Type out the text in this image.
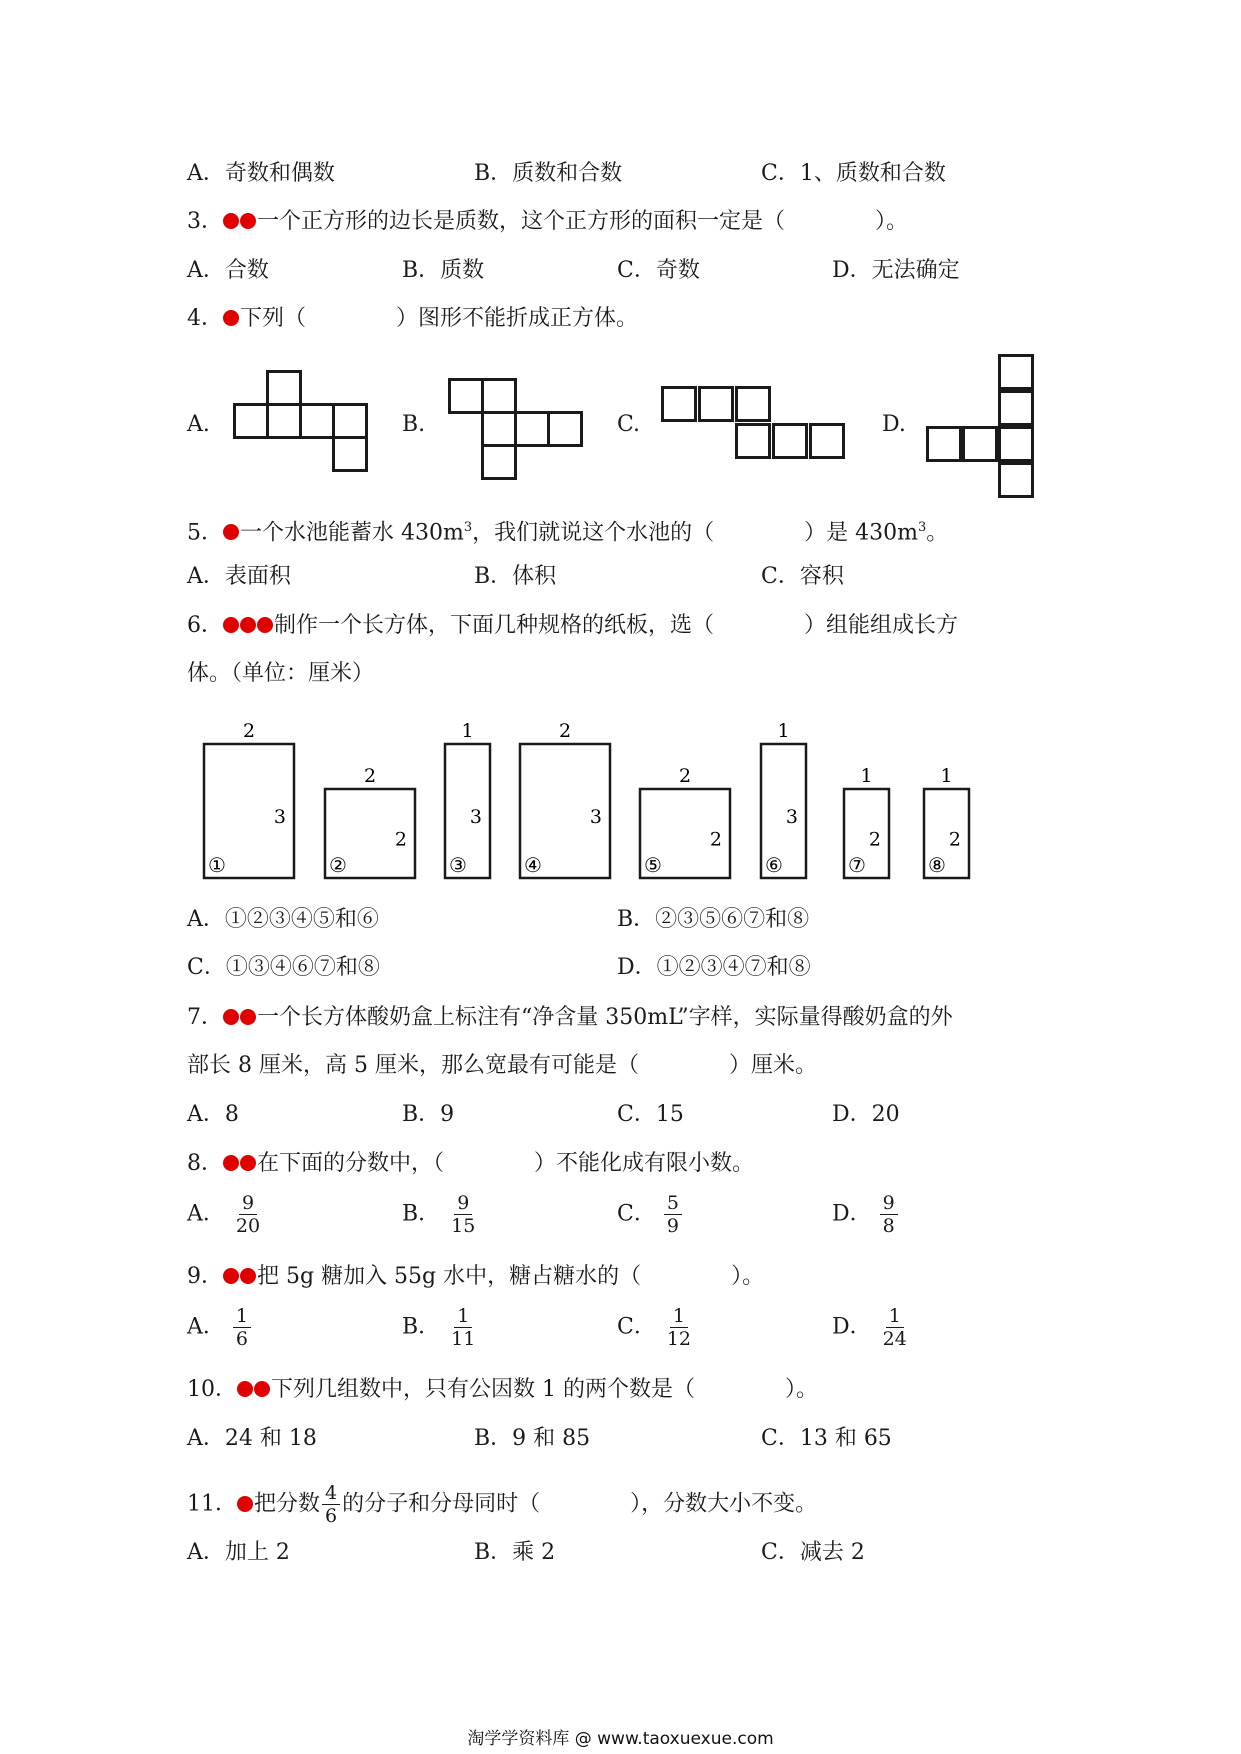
A．奇数和偶数	B．质数和合数	C．1、质数和合数
3． 一个正方形的边长是质数，这个正方形的面积一定是（	）。
A．合数	B．质数	C．奇数	D．无法确定
4． 下列（	）图形不能折成正方体。
A.	B.	C.	D.
5． 一个水池能蓄水 $430m^3$，我们就说这个水池的（	）是 $430m^3$。
A．表面积	B．体积	C．容积
6． 制作一个长方体，下面几种规格的纸板，选（	）组能组成长方
体。（单位：厘米）
2
3
①
2
2
②
1
3
③
2
3
④
2
2
⑤
1
3
⑥
1
2
⑦
1
2
⑧
A．①②③④⑤和⑥	B．②③⑤⑥⑦和⑧
C．①③④⑥⑦和⑧	D．①②③④⑦和⑧
7． 一个长方体酸奶盒上标注有“净含量 350mL”字样，实际量得酸奶盒的外
部长 8 厘米，高 5 厘米，那么宽最有可能是（	）厘米。
A．8	B．9	C．15	D．20
8． 在下面的分数中，（	）不能化成有限小数。
A． $\frac{9}{20}$	B． $\frac{9}{15}$	C． $\frac{5}{9}$	D． $\frac{9}{8}$
9． 把 5g 糖加入 55g 水中，糖占糖水的（	）。
A． $\frac{1}{6}$	B． $\frac{1}{11}$	C． $\frac{1}{12}$	D． $\frac{1}{24}$
10． 下列几组数中，只有公因数 1 的两个数是（	）。
A．24 和 18	B．9 和 85	C．13 和 65
11． 把分数 $\frac{4}{6}$ 的分子和分母同时（	），分数大小不变。
A．加上 2	B．乘 2	C．减去 2
淘学学资料库 @ www.taoxuexue.com
